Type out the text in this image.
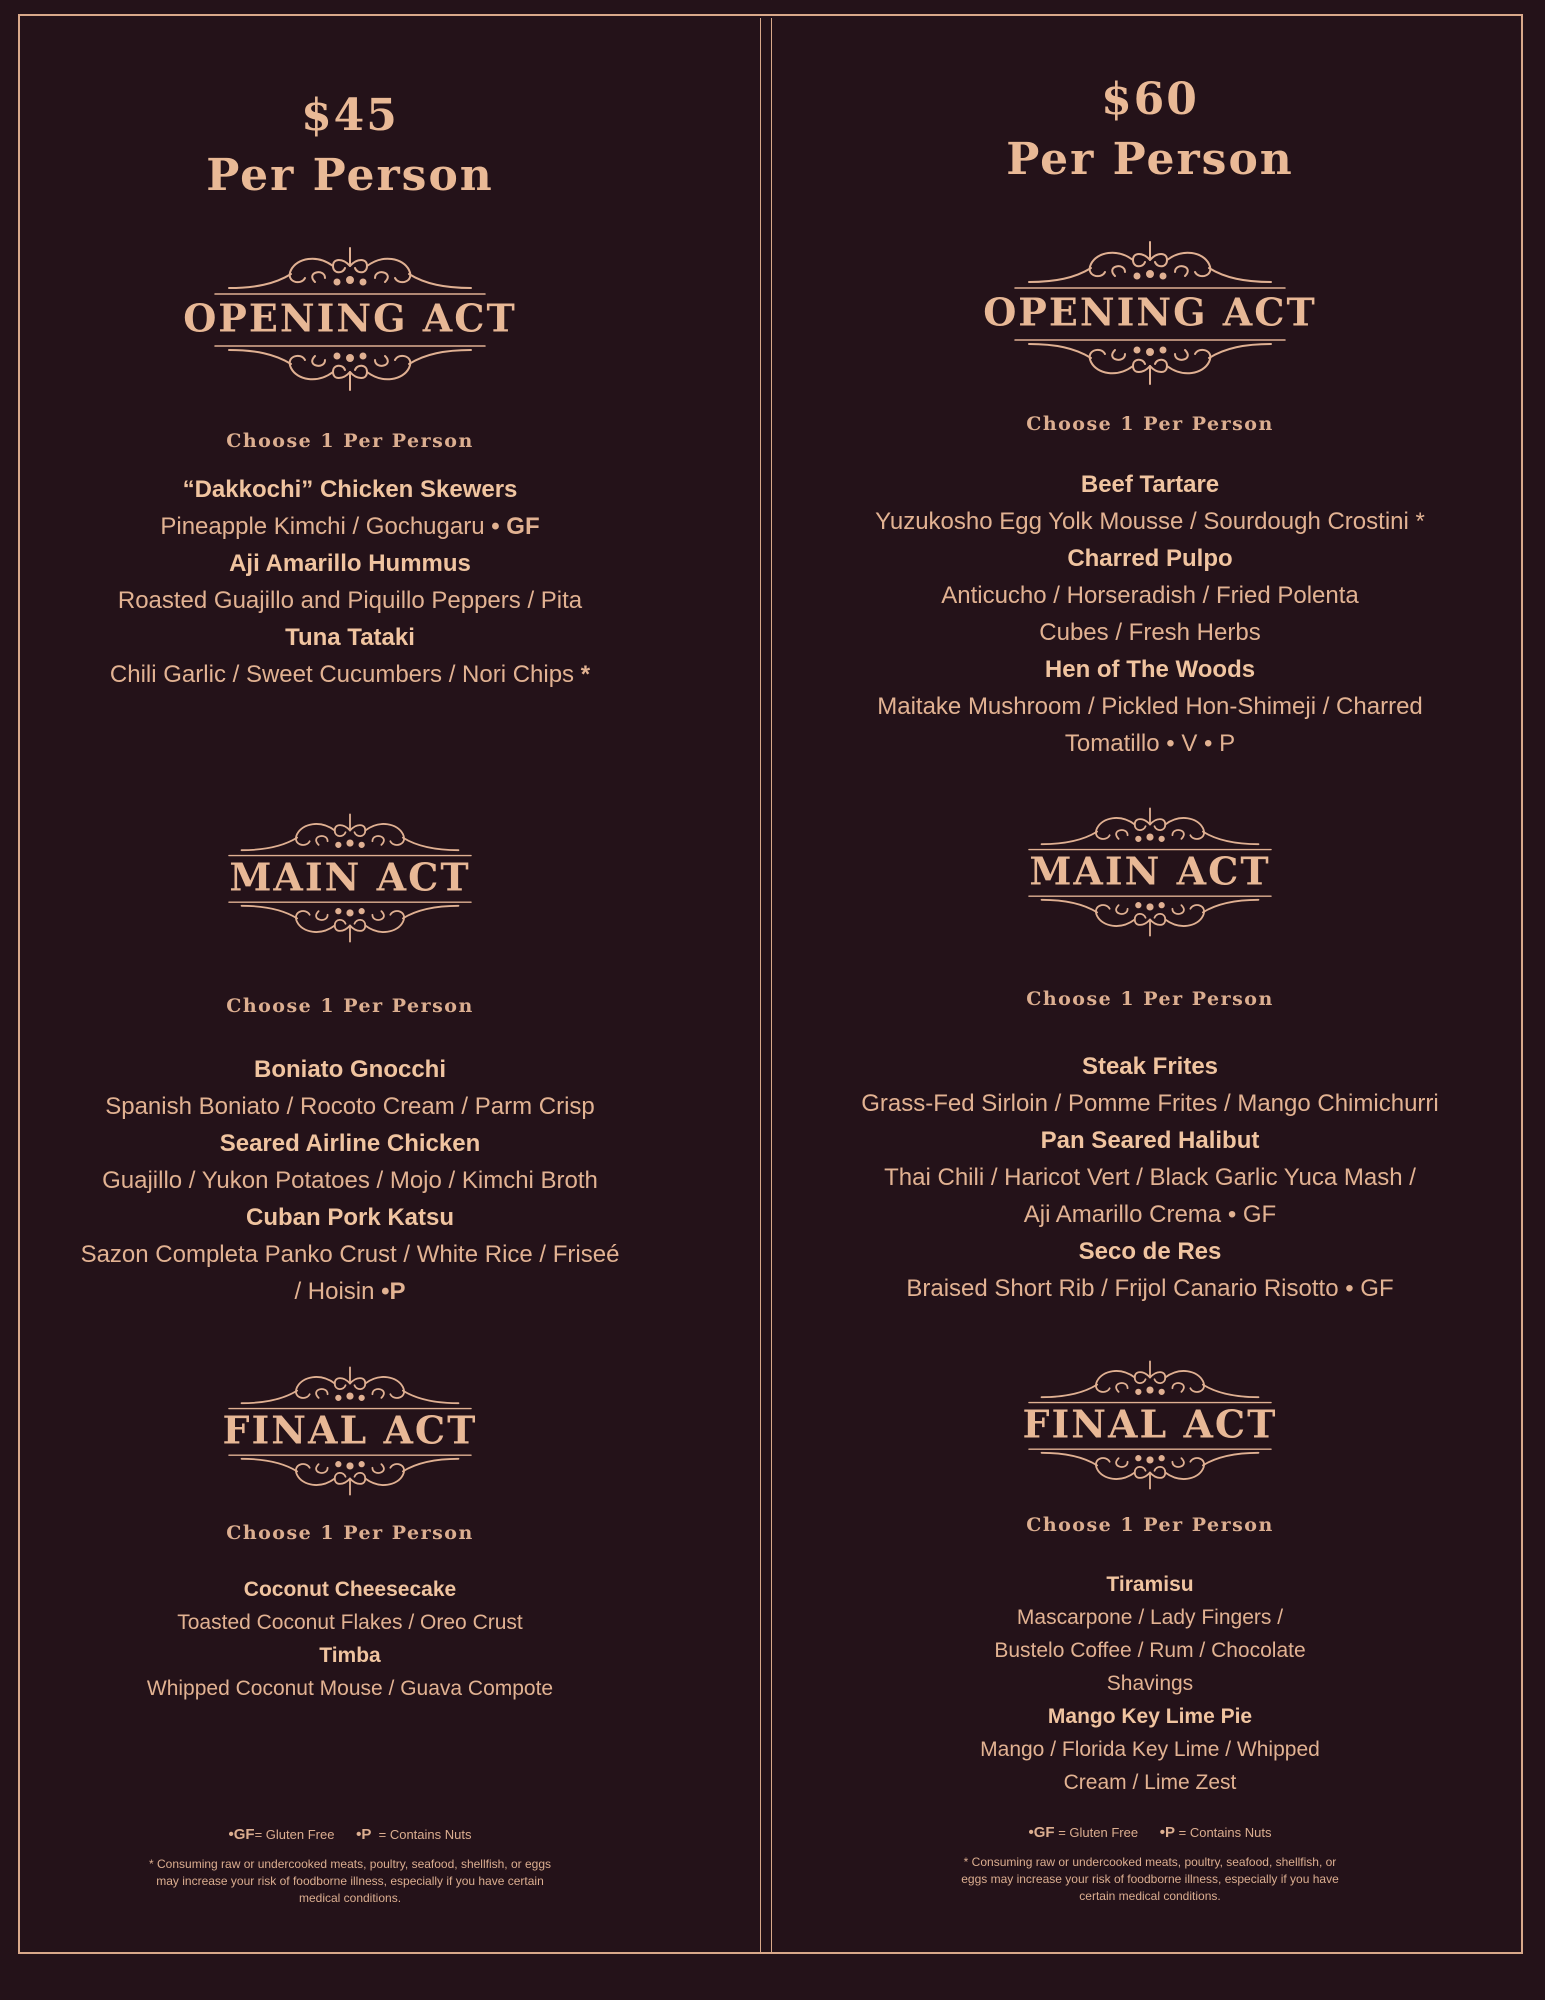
$45
Per Person
OPENING ACT
Choose 1 Per Person
“Dakkochi” Chicken Skewers
Pineapple Kimchi / Gochugaru • GF
Aji Amarillo Hummus
Roasted Guajillo and Piquillo Peppers / Pita
Tuna Tataki
Chili Garlic / Sweet Cucumbers / Nori Chips *
MAIN ACT
Choose 1 Per Person
Boniato Gnocchi
Spanish Boniato / Rocoto Cream / Parm Crisp
Seared Airline Chicken
Guajillo / Yukon Potatoes / Mojo / Kimchi Broth
Cuban Pork Katsu
Sazon Completa Panko Crust / White Rice / Friseé / Hoisin •P
FINAL ACT
Choose 1 Per Person
Coconut Cheesecake
Toasted Coconut Flakes / Oreo Crust
Timba
Whipped Coconut Mouse / Guava Compote
•GF= Gluten Free •P  = Contains Nuts
* Consuming raw or undercooked meats, poultry, seafood, shellfish, or eggs may increase your risk of foodborne illness, especially if you have certain medical conditions.
$60
Per Person
OPENING ACT
Choose 1 Per Person
Beef Tartare
Yuzukosho Egg Yolk Mousse / Sourdough Crostini *
Charred Pulpo
Anticucho / Horseradish / Fried Polenta Cubes / Fresh Herbs
Hen of The Woods
Maitake Mushroom / Pickled Hon-Shimeji / Charred Tomatillo • V • P
MAIN ACT
Choose 1 Per Person
Steak Frites
Grass-Fed Sirloin / Pomme Frites / Mango Chimichurri
Pan Seared Halibut
Thai Chili / Haricot Vert / Black Garlic Yuca Mash / Aji Amarillo Crema • GF
Seco de Res
Braised Short Rib / Frijol Canario Risotto • GF
FINAL ACT
Choose 1 Per Person
Tiramisu
Mascarpone / Lady Fingers / Bustelo Coffee / Rum / Chocolate Shavings
Mango Key Lime Pie
Mango / Florida Key Lime / Whipped Cream / Lime Zest
•GF = Gluten Free •P = Contains Nuts
* Consuming raw or undercooked meats, poultry, seafood, shellfish, or eggs may increase your risk of foodborne illness, especially if you have certain medical conditions.
